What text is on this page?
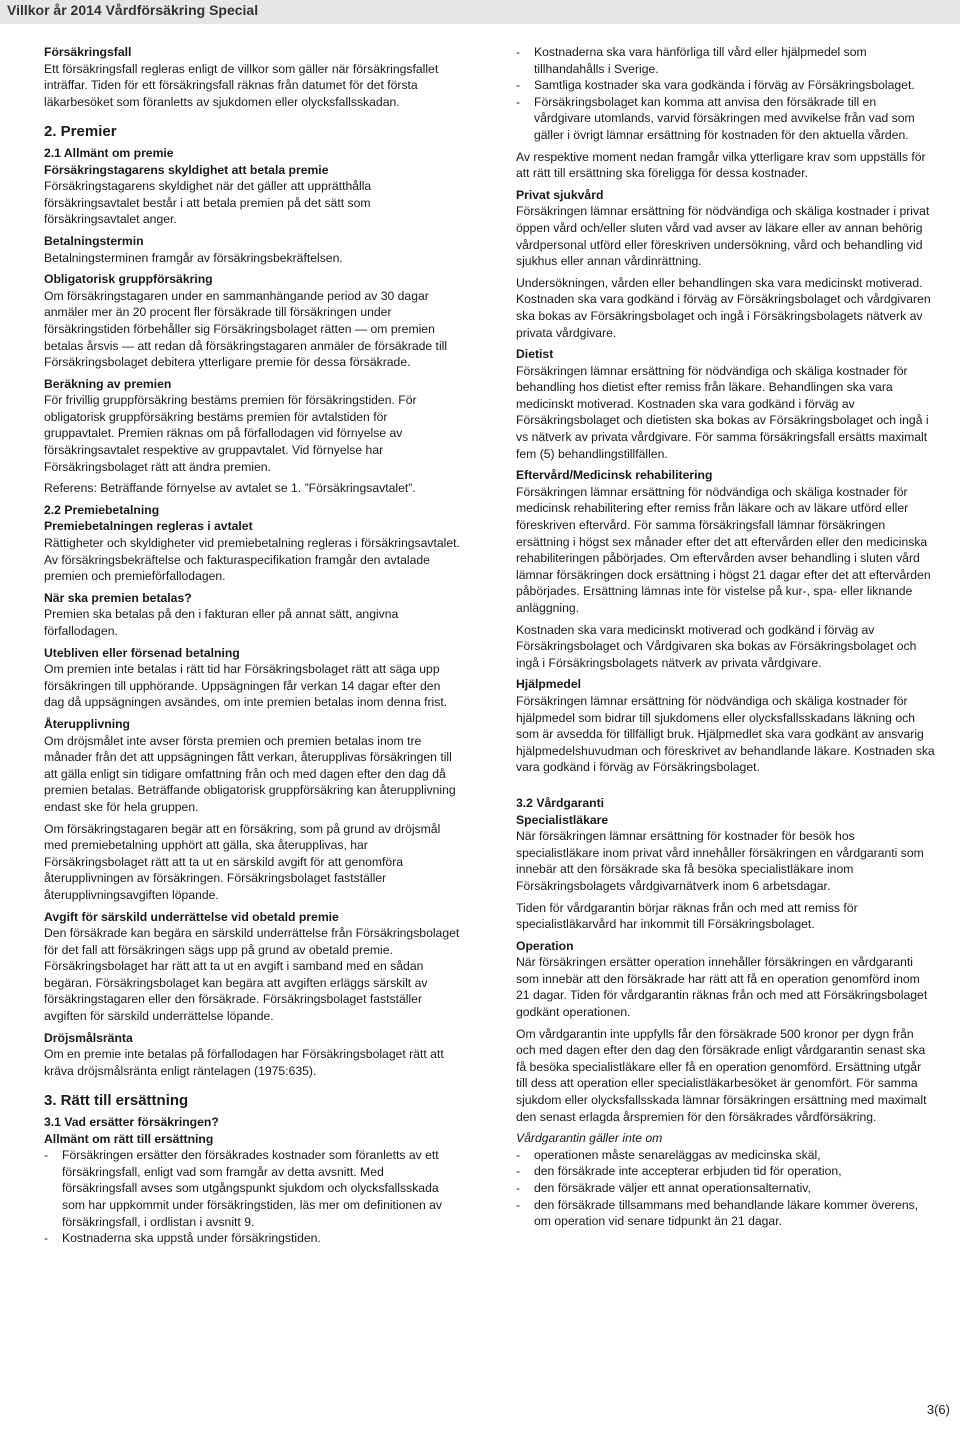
Villkor år 2014 Vårdförsäkring Special

Försäkringsfall

Ett försäkringsfall regleras enligt de villkor som gäller när försäkringsfallet inträffar. Tiden för ett försäkringsfall räknas från datumet för det första läkarbesöket som föranletts av sjukdomen eller olycksfallsskadan.

2. Premier

2.1 Allmänt om premie

Försäkringstagarens skyldighet att betala premie

Försäkringstagarens skyldighet när det gäller att upprätthålla försäkringsavtalet består i att betala premien på det sätt som försäkringsavtalet anger.

Betalningstermin

Betalningsterminen framgår av försäkringsbekräftelsen.

Obligatorisk gruppförsäkring

Om försäkringstagaren under en sammanhängande period av 30 dagar anmäler mer än 20 procent fler försäkrade till försäkringen under försäkringstiden förbehåller sig Försäkringsbolaget rätten — om premien betalas årsvis — att redan då försäkringstagaren anmäler de försäkrade till Försäkringsbolaget debitera ytterligare premie för dessa försäkrade.

Beräkning av premien

För frivillig gruppförsäkring bestäms premien för försäkringstiden. För obligatorisk gruppförsäkring bestäms premien för avtalstiden för gruppavtalet. Premien räknas om på förfallodagen vid förnyelse av försäkringsavtalet respektive av gruppavtalet. Vid förnyelse har Försäkringsbolaget rätt att ändra premien.

Referens: Beträffande förnyelse av avtalet se 1. ”Försäkringsavtalet”.

2.2 Premiebetalning

Premiebetalningen regleras i avtalet

Rättigheter och skyldigheter vid premiebetalning regleras i försäkringsavtalet. Av försäkringsbekräftelse och fakturaspecifikation framgår den avtalade premien och premieförfallodagen.

När ska premien betalas?

Premien ska betalas på den i fakturan eller på annat sätt, angivna förfallodagen.

Utebliven eller försenad betalning

Om premien inte betalas i rätt tid har Försäkringsbolaget rätt att säga upp försäkringen till upphörande. Uppsägningen får verkan 14 dagar efter den dag då uppsägningen avsändes, om inte premien betalas inom denna frist.

Återupplivning

Om dröjsmålet inte avser första premien och premien betalas inom tre månader från det att uppsägningen fått verkan, återupplivas försäkringen till att gälla enligt sin tidigare omfattning från och med dagen efter den dag då premien betalas. Beträffande obligatorisk gruppförsäkring kan återupplivning endast ske för hela gruppen.

Om försäkringstagaren begär att en försäkring, som på grund av dröjsmål med premiebetalning upphört att gälla, ska återupplivas, har Försäkringsbolaget rätt att ta ut en särskild avgift för att genomföra återupplivningen av försäkringen. Försäkringsbolaget fastställer återupplivningsavgiften löpande.

Avgift för särskild underrättelse vid obetald premie

Den försäkrade kan begära en särskild underrättelse från Försäkringsbolaget för det fall att försäkringen sägs upp på grund av obetald premie. Försäkringsbolaget har rätt att ta ut en avgift i samband med en sådan begäran. Försäkringsbolaget kan begära att avgiften erläggs särskilt av försäkringstagaren eller den försäkrade. Försäkringsbolaget fastställer avgiften för särskild underrättelse löpande.

Dröjsmålsränta

Om en premie inte betalas på förfallodagen har Försäkringsbolaget rätt att kräva dröjsmålsränta enligt räntelagen (1975:635).

3. Rätt till ersättning

3.1 Vad ersätter försäkringen?

Allmänt om rätt till ersättning

- Försäkringen ersätter den försäkrades kostnader som föranletts av ett försäkringsfall, enligt vad som framgår av detta avsnitt. Med försäkringsfall avses som utgångspunkt sjukdom och olycksfallsskada som har uppkommit under försäkringstiden, läs mer om definitionen av försäkringsfall, i ordlistan i avsnitt 9.
- Kostnaderna ska uppstå under försäkringstiden.
- Kostnaderna ska vara hänförliga till vård eller hjälpmedel som tillhandahålls i Sverige.
- Samtliga kostnader ska vara godkända i förväg av Försäkringsbolaget.
- Försäkringsbolaget kan komma att anvisa den försäkrade till en vårdgivare utomlands, varvid försäkringen med avvikelse från vad som gäller i övrigt lämnar ersättning för kostnaden för den aktuella vården.

Av respektive moment nedan framgår vilka ytterligare krav som uppställs för att rätt till ersättning ska föreligga för dessa kostnader.

Privat sjukvård

Försäkringen lämnar ersättning för nödvändiga och skäliga kostnader i privat öppen vård och/eller sluten vård vad avser av läkare eller av annan behörig vårdpersonal utförd eller föreskriven undersökning, vård och behandling vid sjukhus eller annan vårdinrättning.

Undersökningen, vården eller behandlingen ska vara medicinskt motiverad. Kostnaden ska vara godkänd i förväg av Försäkringsbolaget och vårdgivaren ska bokas av Försäkringsbolaget och ingå i Försäkringsbolagets nätverk av privata vårdgivare.

Dietist

Försäkringen lämnar ersättning för nödvändiga och skäliga kostnader för behandling hos dietist efter remiss från läkare. Behandlingen ska vara medicinskt motiverad. Kostnaden ska vara godkänd i förväg av Försäkringsbolaget och dietisten ska bokas av Försäkringsbolaget och ingå i vs nätverk av privata vårdgivare. För samma försäkringsfall ersätts maximalt fem (5) behandlingstillfällen.

Eftervård/Medicinsk rehabilitering

Försäkringen lämnar ersättning för nödvändiga och skäliga kostnader för medicinsk rehabilitering efter remiss från läkare och av läkare utförd eller föreskriven eftervård. För samma försäkringsfall lämnar försäkringen ersättning i högst sex månader efter det att eftervården eller den medicinska rehabiliteringen påbörjades. Om eftervården avser behandling i sluten vård lämnar försäkringen dock ersättning i högst 21 dagar efter det att eftervården påbörjades. Ersättning lämnas inte för vistelse på kur-, spa- eller liknande anläggning.

Kostnaden ska vara medicinskt motiverad och godkänd i förväg av Försäkringsbolaget och Vårdgivaren ska bokas av Försäkringsbolaget och ingå i Försäkringsbolagets nätverk av privata vårdgivare.

Hjälpmedel

Försäkringen lämnar ersättning för nödvändiga och skäliga kostnader för hjälpmedel som bidrar till sjukdomens eller olycksfallsskadans läkning och som är avsedda för tillfälligt bruk. Hjälpmedlet ska vara godkänt av ansvarig hjälpmedelshuvudman och föreskrivet av behandlande läkare. Kostnaden ska vara godkänd i förväg av Försäkringsbolaget.

3.2 Vårdgaranti

Specialistläkare

När försäkringen lämnar ersättning för kostnader för besök hos specialistläkare inom privat vård innehåller försäkringen en vårdgaranti som innebär att den försäkrade ska få besöka specialistläkare inom Försäkringsbolagets vårdgivarnätverk inom 6 arbetsdagar.

Tiden för vårdgarantin börjar räknas från och med att remiss för specialistläkarvård har inkommit till Försäkringsbolaget.

Operation

När försäkringen ersätter operation innehåller försäkringen en vårdgaranti som innebär att den försäkrade har rätt att få en operation genomförd inom 21 dagar. Tiden för vårdgarantin räknas från och med att Försäkringsbolaget godkänt operationen.

Om vårdgarantin inte uppfylls får den försäkrade 500 kronor per dygn från och med dagen efter den dag den försäkrade enligt vårdgarantin senast ska få besöka specialistläkare eller få en operation genomförd. Ersättning utgår till dess att operation eller specialistläkarbesöket är genomfört. För samma sjukdom eller olycksfallsskada lämnar försäkringen ersättning med maximalt den senast erlagda årspremien för den försäkrades vårdförsäkring.

Vårdgarantin gäller inte om

- operationen måste senareläggas av medicinska skäl,
- den försäkrade inte accepterar erbjuden tid för operation,
- den försäkrade väljer ett annat operationsalternativ,
- den försäkrade tillsammans med behandlande läkare kommer överens, om operation vid senare tidpunkt än 21 dagar.
3(6)
